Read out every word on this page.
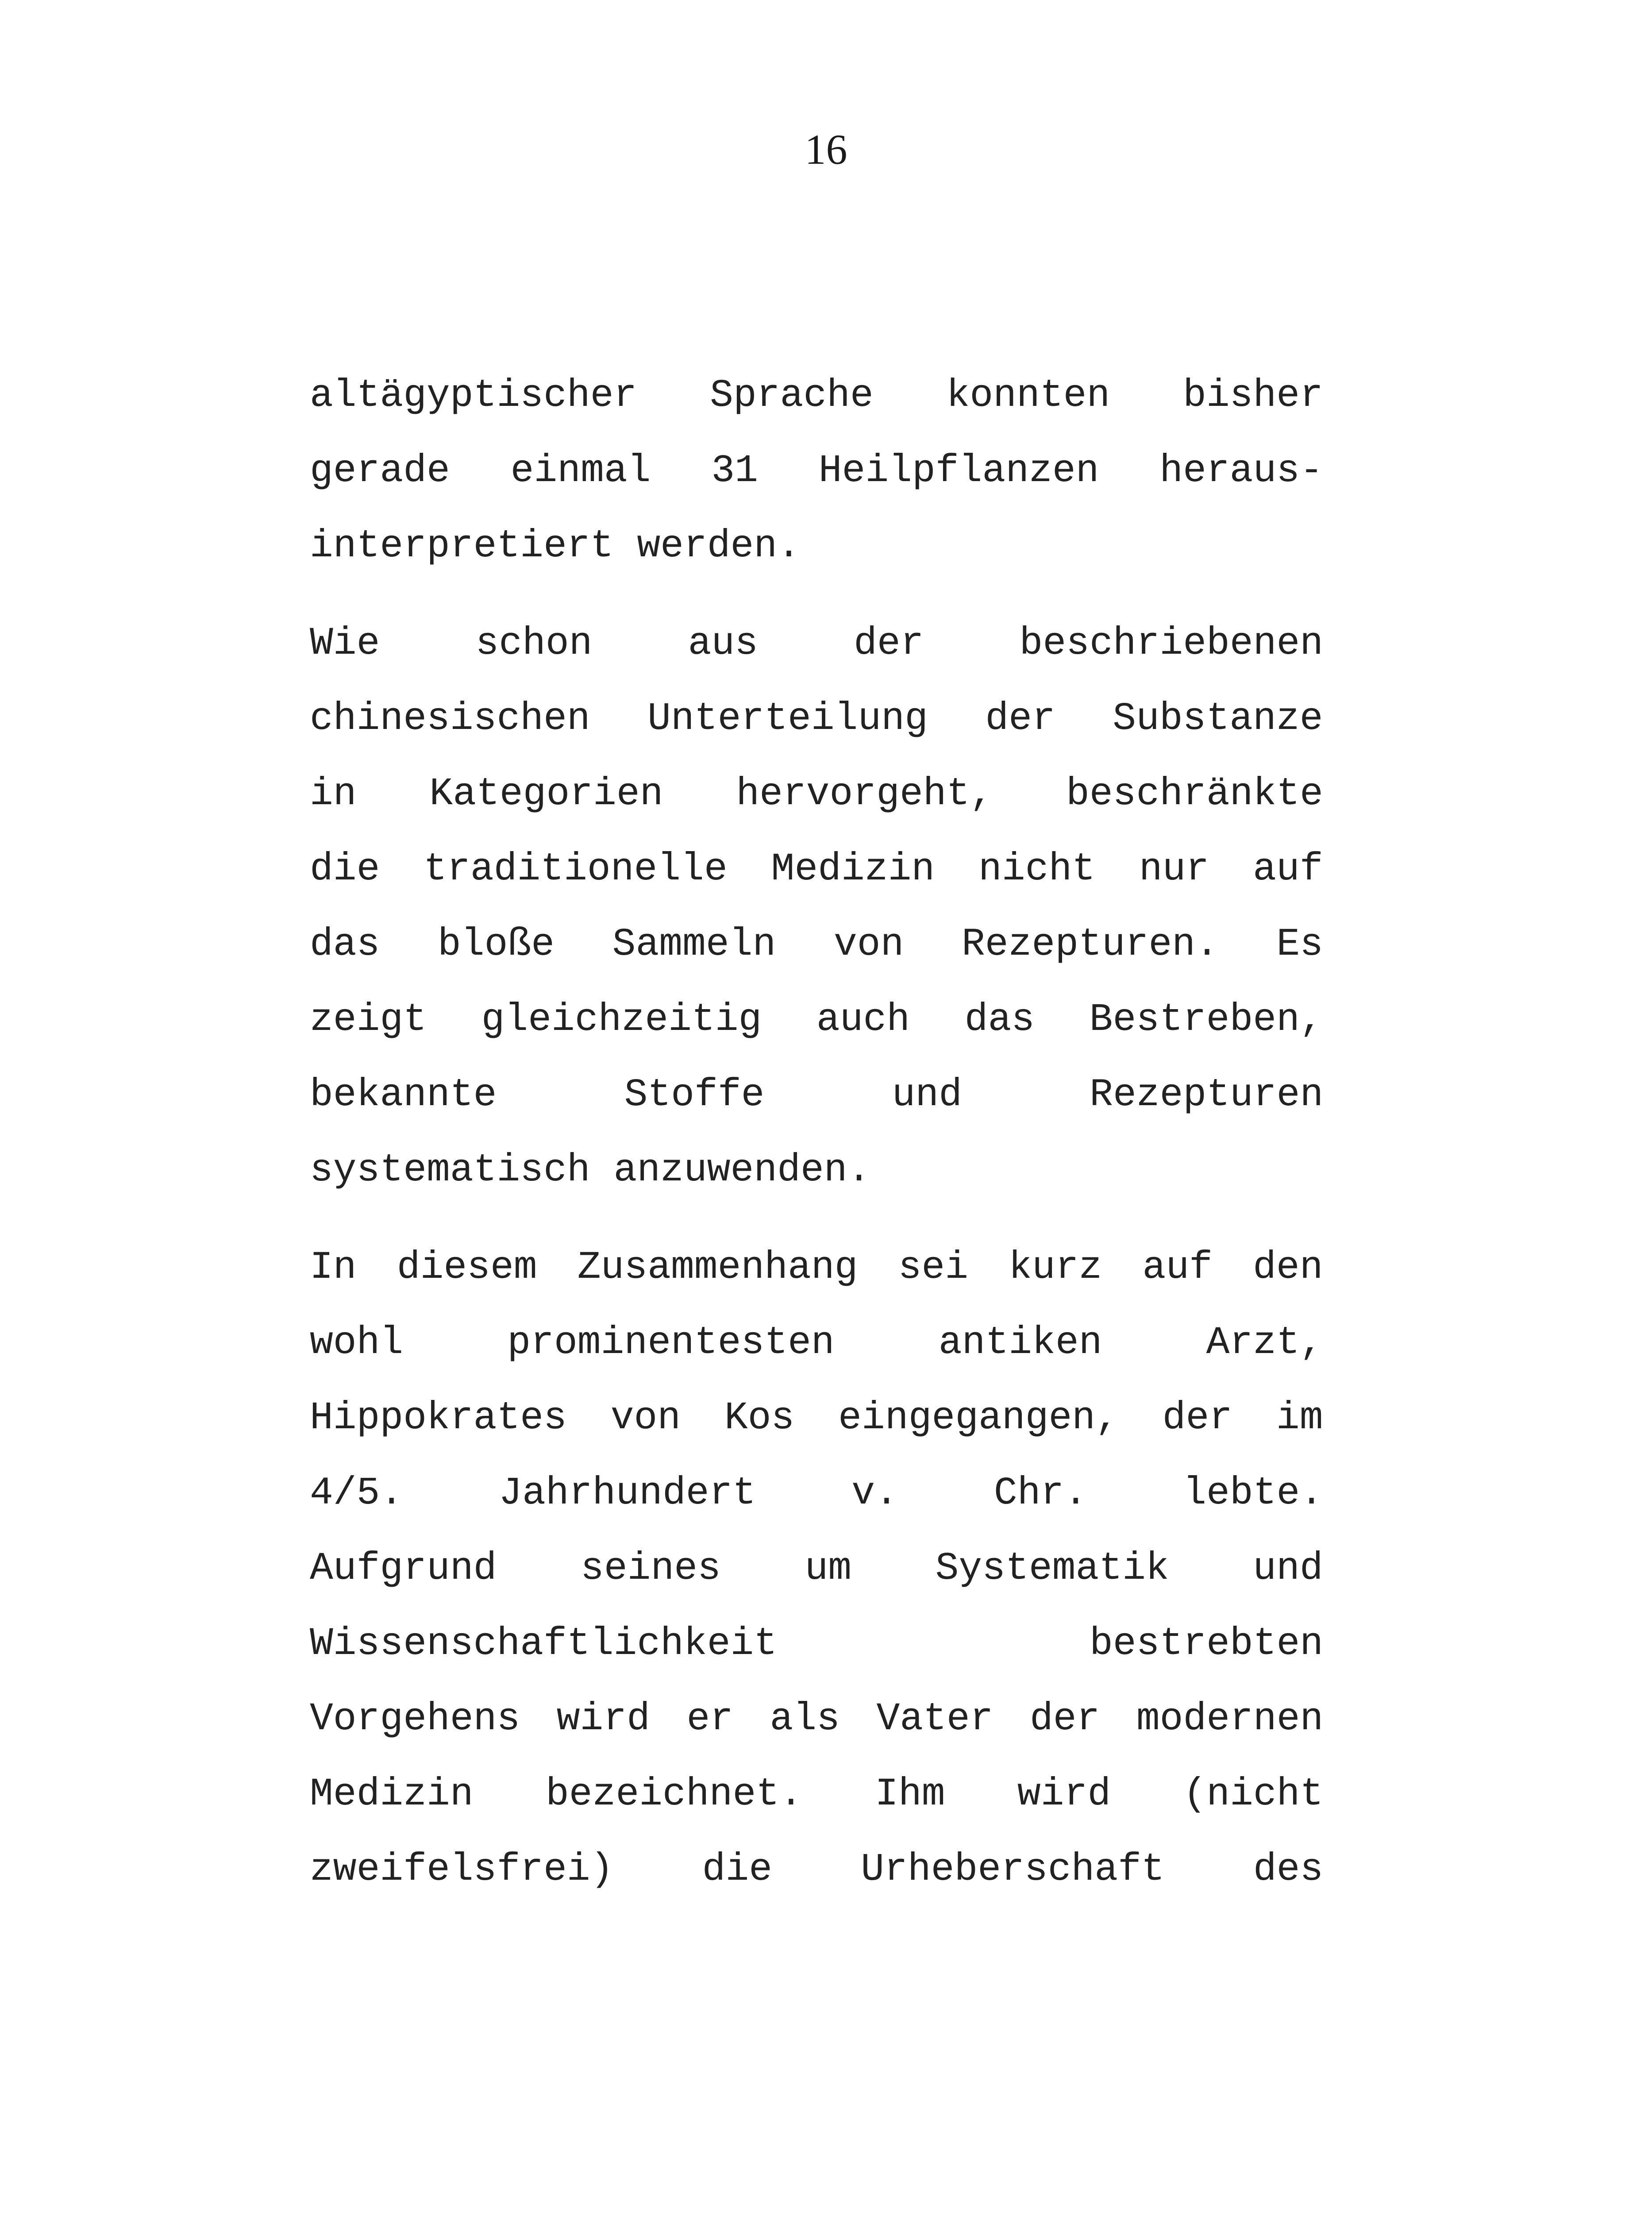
16
altägyptischer Sprache konnten bisher
gerade einmal 31 Heilpflanzen heraus-
interpretiert werden.
Wie schon aus der beschriebenen
chinesischen Unterteilung der Substanze
in Kategorien hervorgeht, beschränkte
die traditionelle Medizin nicht nur auf
das bloße Sammeln von Rezepturen. Es
zeigt gleichzeitig auch das Bestreben,
bekannte Stoffe und Rezepturen
systematisch anzuwenden.
In diesem Zusammenhang sei kurz auf den
wohl prominentesten antiken Arzt,
Hippokrates von Kos eingegangen, der im
4/5. Jahrhundert v. Chr. lebte.
Aufgrund seines um Systematik und
Wissenschaftlichkeit bestrebten
Vorgehens wird er als Vater der modernen
Medizin bezeichnet. Ihm wird (nicht
zweifelsfrei) die Urheberschaft des
